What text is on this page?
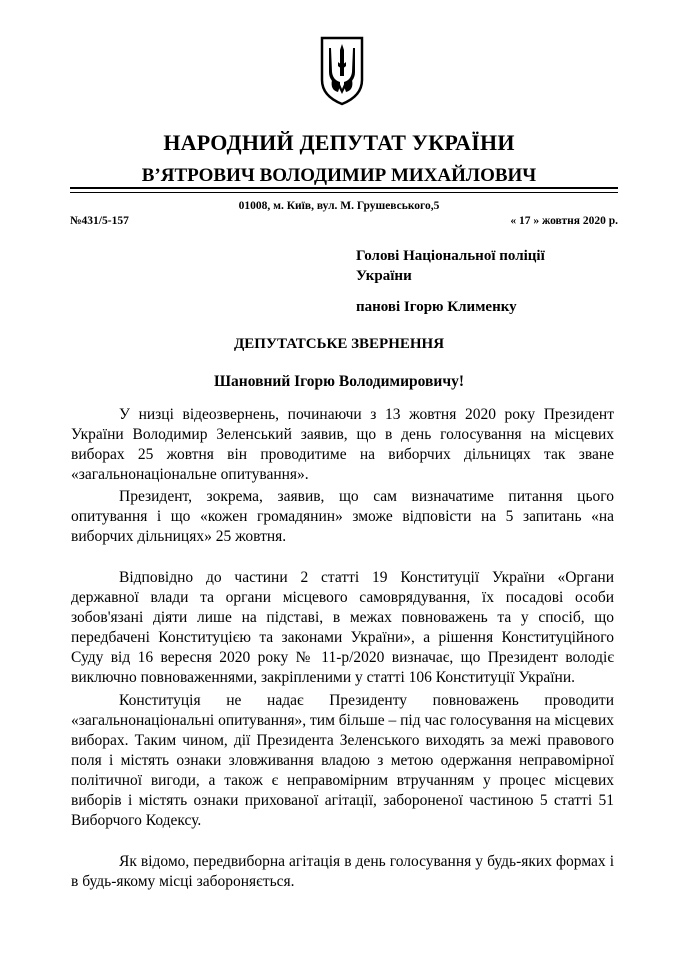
НАРОДНИЙ ДЕПУТАТ УКРАЇНИ
В’ЯТРОВИЧ ВОЛОДИМИР МИХАЙЛОВИЧ
01008, м. Київ, вул. М. Грушевського,5
№431/5-157	« 17 » жовтня 2020 р.
Голові Національної поліції
України
панові Ігорю Клименку
ДЕПУТАТСЬКЕ ЗВЕРНЕННЯ
Шановний Ігорю Володимировичу!
У низці відеозвернень, починаючи з 13 жовтня 2020 року Президент України Володимир Зеленський заявив, що в день голосування на місцевих виборах 25 жовтня він проводитиме на виборчих дільницях так зване «загальнонаціональне опитування».
Президент, зокрема, заявив, що сам визначатиме питання цього опитування і що «кожен громадянин» зможе відповісти на 5 запитань «на виборчих дільницях» 25 жовтня.
Відповідно до частини 2 статті 19 Конституції України «Органи державної влади та органи місцевого самоврядування, їх посадові особи зобов'язані діяти лише на підставі, в межах повноважень та у спосіб, що передбачені Конституцією та законами України», а рішення Конституційного Суду від 16 вересня 2020 року № 11-р/2020 визначає, що Президент володіє виключно повноваженнями, закріпленими у статті 106 Конституції України.
Конституція не надає Президенту повноважень проводити «загальнонаціональні опитування», тим більше – під час голосування на місцевих виборах. Таким чином, дії Президента Зеленського виходять за межі правового поля і містять ознаки зловживання владою з метою одержання неправомірної політичної вигоди, а також є неправомірним втручанням у процес місцевих виборів і містять ознаки прихованої агітації, забороненої частиною 5 статті 51 Виборчого Кодексу.
Як відомо, передвиборна агітація в день голосування у будь-яких формах і в будь-якому місці забороняється.
